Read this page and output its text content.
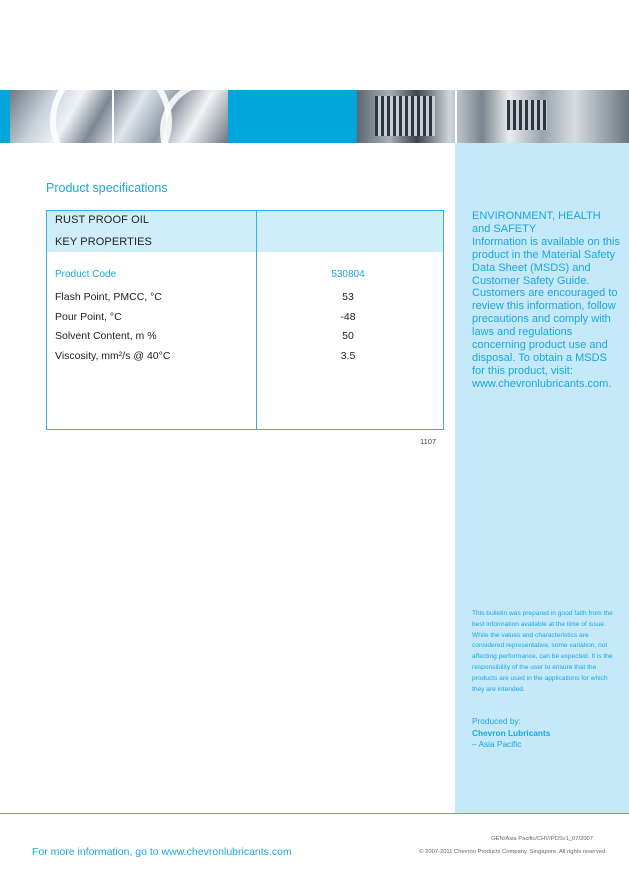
Product specifications
RUST PROOF OIL
KEY PROPERTIES
Product Code	530804
Flash Point, PMCC, °C	53
Pour Point, °C	-48
Solvent Content, m %	50
Viscosity, mm²/s @ 40°C	3.5
1107

ENVIRONMENT, HEALTH

and SAFETY

Information is available on this product in the Material Safety Data Sheet (MSDS) and Customer Safety Guide. Customers are encouraged to review this information, follow precautions and comply with laws and regulations concerning product use and disposal. To obtain a MSDS for this product, visit: www.chevronlubricants.com.

This bulletin was prepared in good faith from the best information available at the time of issue. While the values and characteristics are considered representative, some variation, not affecting performance, can be expected. It is the responsibility of the user to ensure that the products are used in the applications for which they are intended.
Produced by:
Chevron Lubricants
– Asia Pacific
For more information, go to www.chevronlubricants.com
GEN/Asia Pacific/CHV/PDSv1_07/2007
© 2007-2011 Chevron Products Company. Singapore. All rights reserved.
